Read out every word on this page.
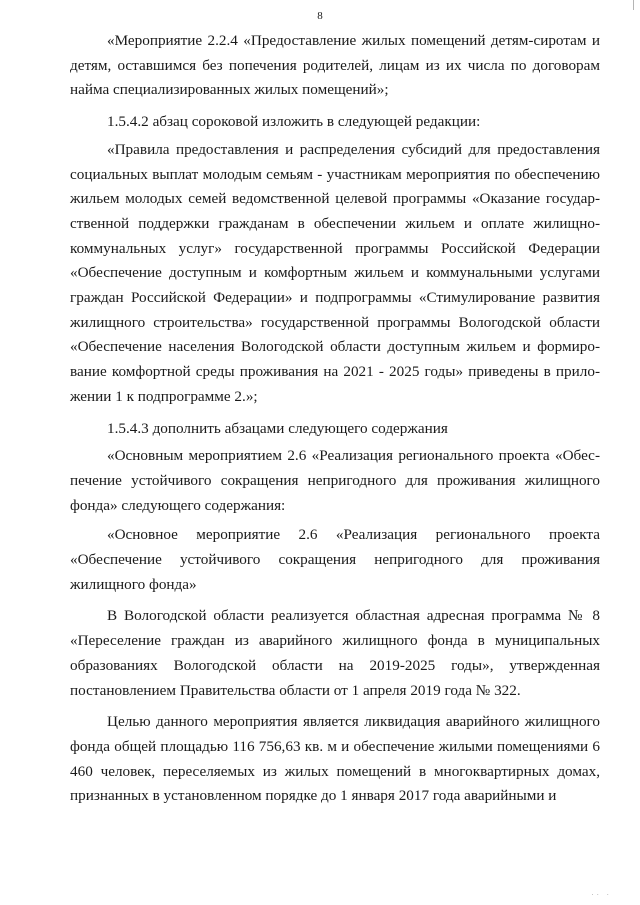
8

«Мероприятие 2.2.4 «Предоставление жилых помещений детям-сиротам и детям, оставшимся без попечения родителей, лицам из их числа по договорам найма специализированных жилых помещений»;

1.5.4.2 абзац сороковой изложить в следующей редакции:

«Правила предоставления и распределения субсидий для предоставления социальных выплат молодым семьям - участникам мероприятия по обеспечению жильем молодых семей ведомственной целевой программы «Оказание государственной поддержки гражданам в обеспечении жильем и оплате жилищно-коммунальных услуг» государственной программы Российской Федерации «Обеспечение доступным и комфортным жильем и коммунальными услугами граждан Российской Федерации» и подпрограммы «Стимулирование развития жилищного строительства» государственной программы Вологодской области «Обеспечение населения Вологодской области доступным жильем и формирование комфортной среды проживания на 2021 - 2025 годы» приведены в приложении 1 к подпрограмме 2.»;

1.5.4.3 дополнить абзацами следующего содержания

«Основным мероприятием 2.6 «Реализация регионального проекта «Обеспечение устойчивого сокращения непригодного для проживания жилищного фонда» следующего содержания:

«Основное мероприятие 2.6 «Реализация регионального проекта «Обеспечение устойчивого сокращения непригодного для проживания жилищного фонда»

В Вологодской области реализуется областная адресная программа № 8 «Переселение граждан из аварийного жилищного фонда в муниципальных образованиях Вологодской области на 2019-2025 годы», утвержденная постановлением Правительства области от 1 апреля 2019 года № 322.

Целью данного мероприятия является ликвидация аварийного жилищного фонда общей площадью 116 756,63 кв. м и обеспечение жилыми помещениями 6 460 человек, переселяемых из жилых помещений в многоквартирных домах, признанных в установленном порядке до 1 января 2017 года аварийными и

·· ·
